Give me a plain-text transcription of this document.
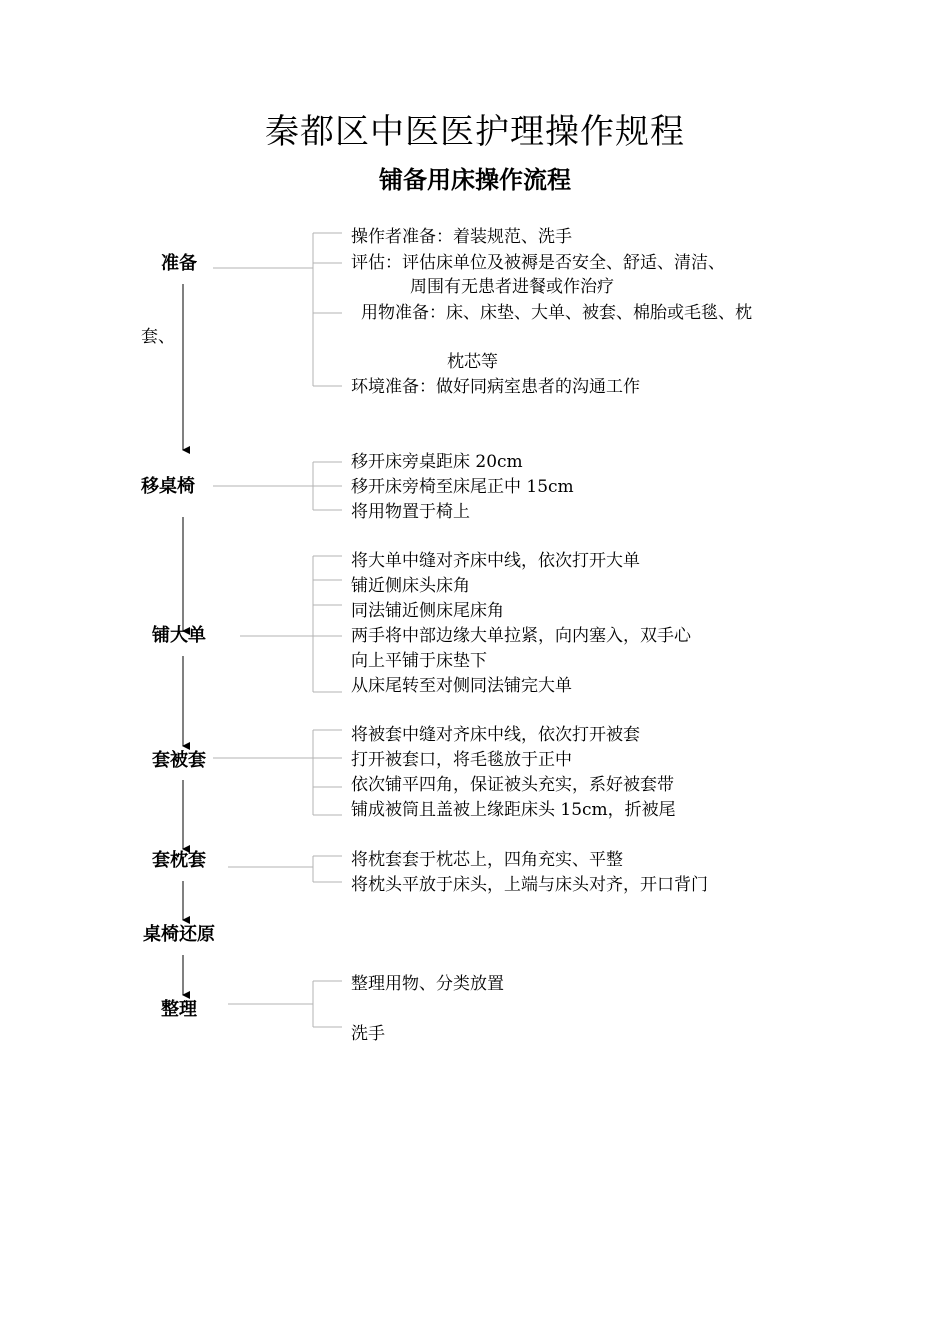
秦都区中医医护理操作规程
铺备用床操作流程
准备
移桌椅
铺大单
套被套
套枕套
桌椅还原
整理
操作者准备：着装规范、洗手
评估：评估床单位及被褥是否安全、舒适、清洁、
周围有无患者进餐或作治疗
用物准备：床、床垫、大单、被套、棉胎或毛毯、枕
套、
枕芯等
环境准备：做好同病室患者的沟通工作
移开床旁桌距床 20cm
移开床旁椅至床尾正中 15cm
将用物置于椅上
将大单中缝对齐床中线，依次打开大单
铺近侧床头床角
同法铺近侧床尾床角
两手将中部边缘大单拉紧，向内塞入，双手心
向上平铺于床垫下
从床尾转至对侧同法铺完大单
将被套中缝对齐床中线，依次打开被套
打开被套口，将毛毯放于正中
依次铺平四角，保证被头充实，系好被套带
铺成被筒且盖被上缘距床头 15cm，折被尾
将枕套套于枕芯上，四角充实、平整
将枕头平放于床头，上端与床头对齐，开口背门
整理用物、分类放置
洗手
